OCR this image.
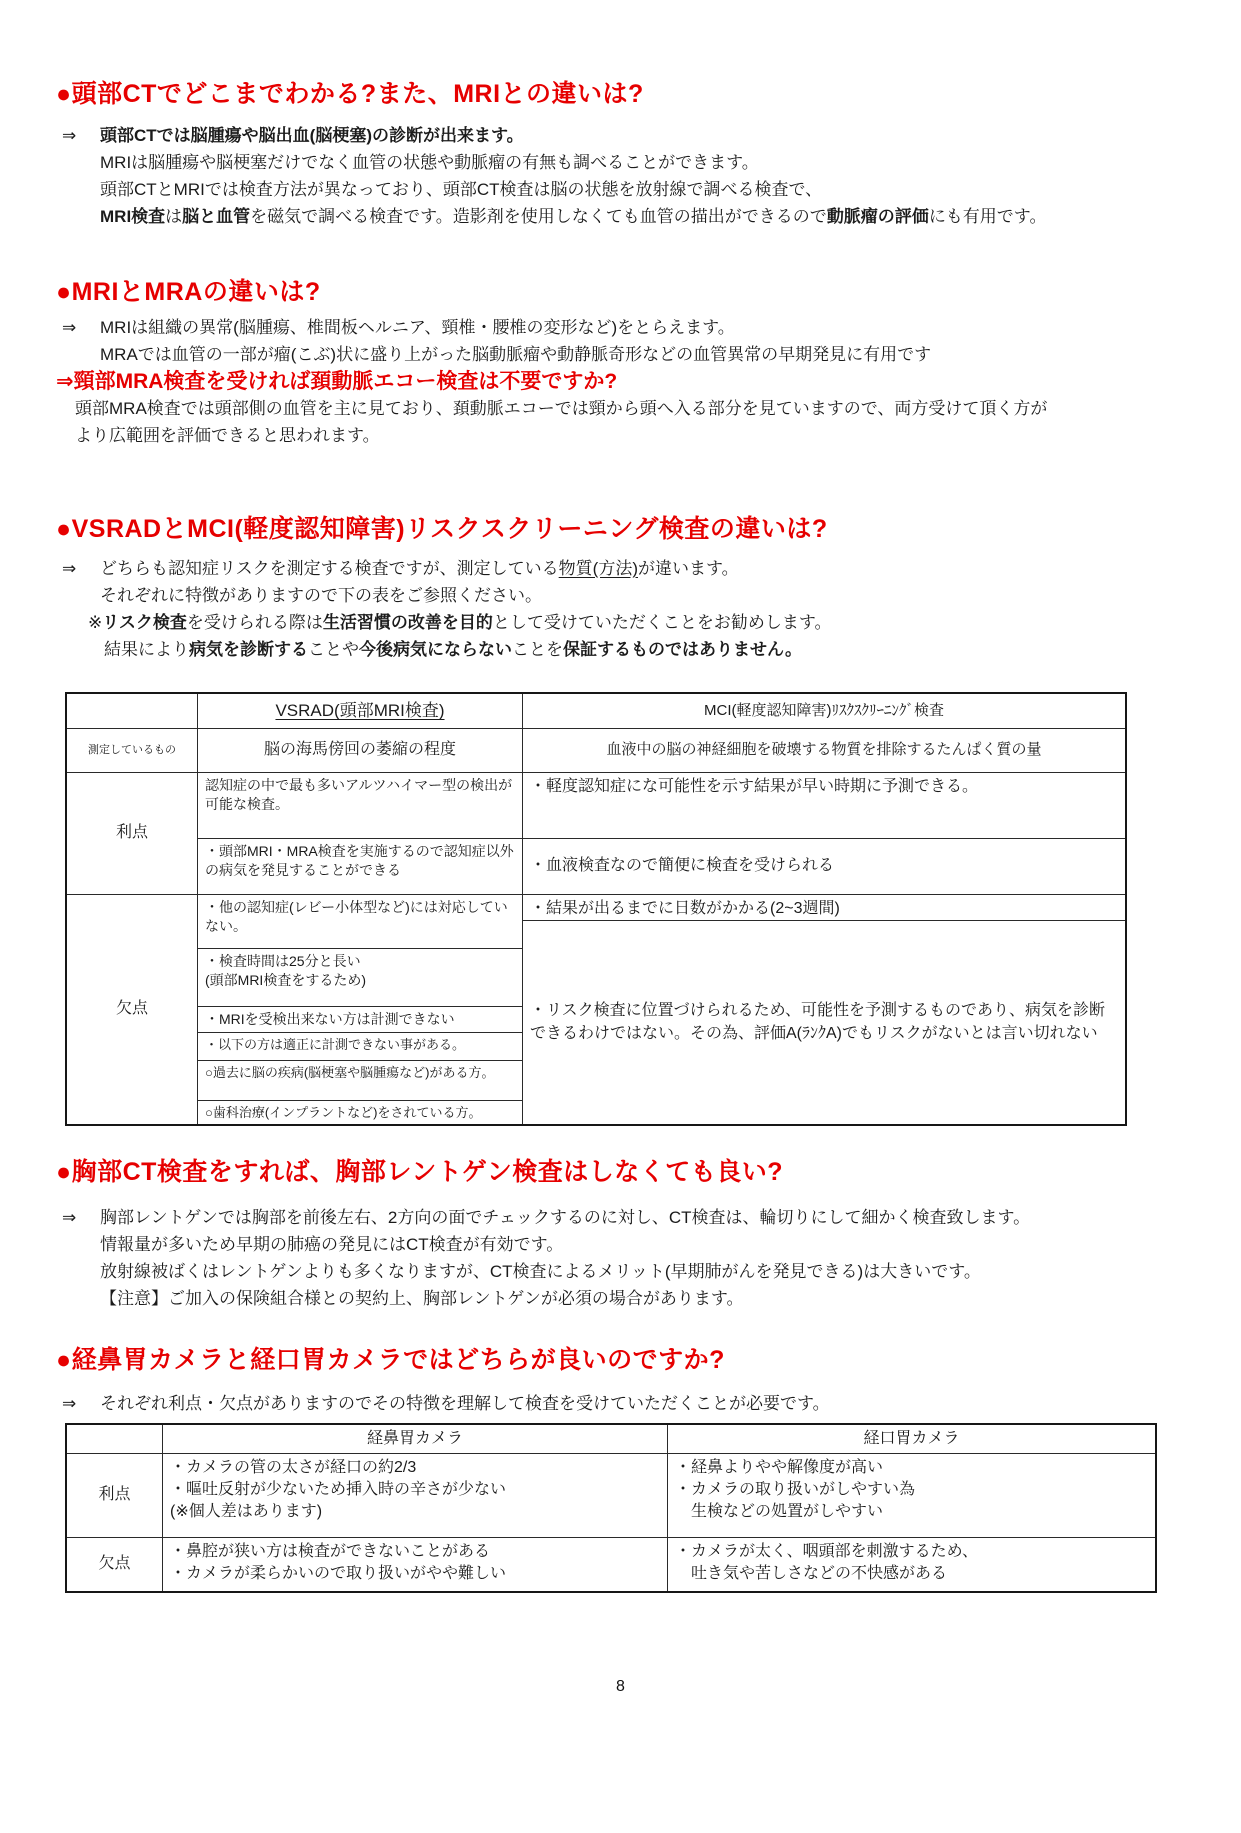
●頭部CTでどこまでわかる?また、MRIとの違いは?
⇒ 頭部CTでは脳腫瘍や脳出血(脳梗塞)の診断が出来ます。
MRIは脳腫瘍や脳梗塞だけでなく血管の状態や動脈瘤の有無も調べることができます。
頭部CTとMRIでは検査方法が異なっており、頭部CT検査は脳の状態を放射線で調べる検査で、
MRI検査は脳と血管を磁気で調べる検査です。造影剤を使用しなくても血管の描出ができるので動脈瘤の評価にも有用です。
●MRIとMRAの違いは?
⇒ MRIは組織の異常(脳腫瘍、椎間板ヘルニア、頸椎・腰椎の変形など)をとらえます。
MRAでは血管の一部が瘤(こぶ)状に盛り上がった脳動脈瘤や動静脈奇形などの血管異常の早期発見に有用です
⇒頸部MRA検査を受ければ頚動脈エコー検査は不要ですか?
頭部MRA検査では頭部側の血管を主に見ており、頚動脈エコーでは頸から頭へ入る部分を見ていますので、両方受けて頂く方が
より広範囲を評価できると思われます。
●VSRADとMCI(軽度認知障害)リスクスクリーニング検査の違いは?
⇒ どちらも認知症リスクを測定する検査ですが、測定している物質(方法)が違います。
それぞれに特徴がありますので下の表をご参照ください。
※リスク検査を受けられる際は生活習慣の改善を目的として受けていただくことをお勧めします。
結果により病気を診断することや今後病気にならないことを保証するものではありません。
測定しているもの
利点
欠点
VSRAD(頭部MRI検査)
脳の海馬傍回の萎縮の程度
認知症の中で最も多いアルツハイマー型の検出が可能な検査。
・頭部MRI・MRA検査を実施するので認知症以外の病気を発見することができる
・他の認知症(レビー小体型など)には対応していない。
・検査時間は25分と長い
(頭部MRI検査をするため)
・MRIを受検出来ない方は計測できない
・以下の方は適正に計測できない事がある。
○過去に脳の疾病(脳梗塞や脳腫瘍など)がある方。
○歯科治療(インプラントなど)をされている方。
MCI(軽度認知障害)ﾘｽｸｽｸﾘｰﾆﾝｸﾞ検査
血液中の脳の神経細胞を破壊する物質を排除するたんぱく質の量
・軽度認知症にな可能性を示す結果が早い時期に予測できる。
・血液検査なので簡便に検査を受けられる
・結果が出るまでに日数がかかる(2~3週間)
・リスク検査に位置づけられるため、可能性を予測するものであり、病気を診断できるわけではない。その為、評価A(ﾗﾝｸA)でもリスクがないとは言い切れない
●胸部CT検査をすれば、胸部レントゲン検査はしなくても良い?
⇒ 胸部レントゲンでは胸部を前後左右、2方向の面でチェックするのに対し、CT検査は、輪切りにして細かく検査致します。
情報量が多いため早期の肺癌の発見にはCT検査が有効です。
放射線被ばくはレントゲンよりも多くなりますが、CT検査によるメリット(早期肺がんを発見できる)は大きいです。
【注意】ご加入の保険組合様との契約上、胸部レントゲンが必須の場合があります。
●経鼻胃カメラと経口胃カメラではどちらが良いのですか?
⇒ それぞれ利点・欠点がありますのでその特徴を理解して検査を受けていただくことが必要です。
利点
欠点
経鼻胃カメラ
・カメラの管の太さが経口の約2/3
・嘔吐反射が少ないため挿入時の辛さが少ない
(※個人差はあります)
・鼻腔が狭い方は検査ができないことがある
・カメラが柔らかいので取り扱いがやや難しい
経口胃カメラ
・経鼻よりやや解像度が高い
・カメラの取り扱いがしやすい為
　生検などの処置がしやすい
・カメラが太く、咽頭部を刺激するため、
　吐き気や苦しさなどの不快感がある
8
